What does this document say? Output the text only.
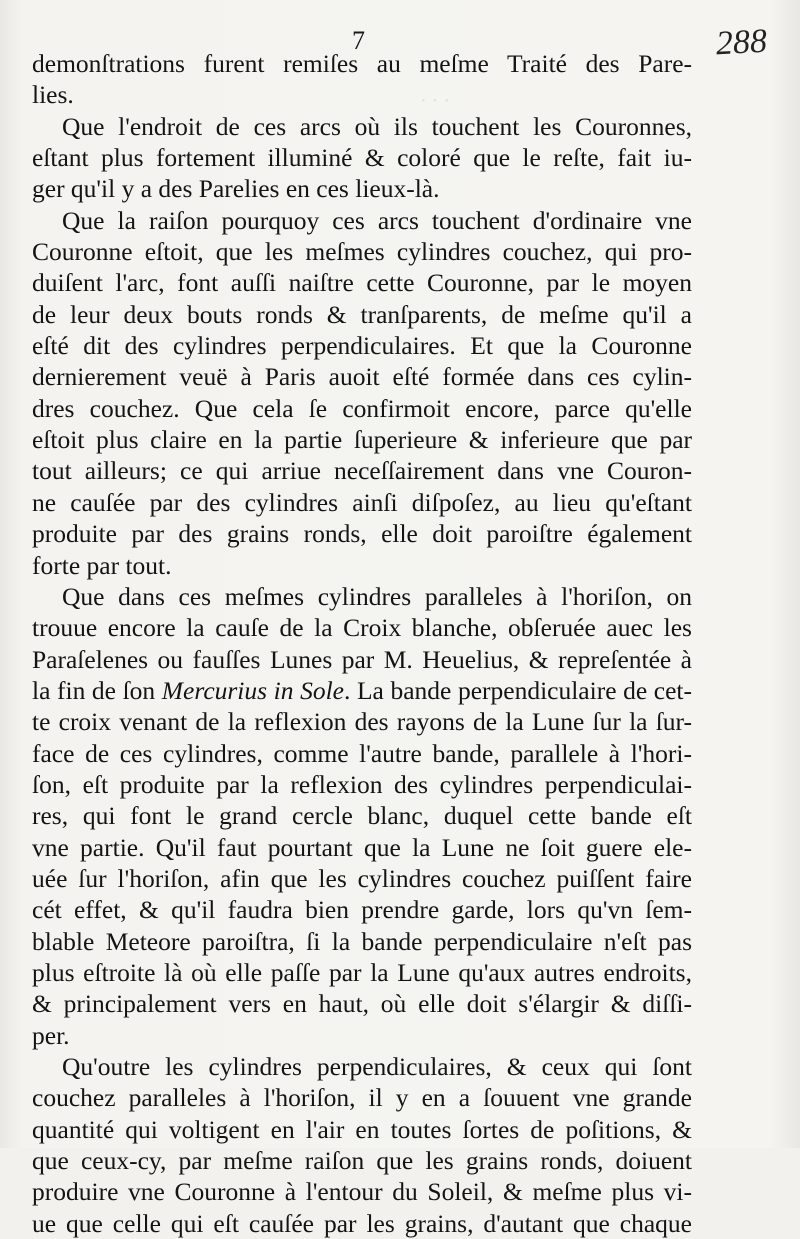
· · ·
7	288
demonſtrations furent remiſes au meſme Traité des Pare-
lies.
Que l'endroit de ces arcs où ils touchent les Couronnes,
eſtant plus fortement illuminé & coloré que le reſte, fait iu-
ger qu'il y a des Parelies en ces lieux-là.
Que la raiſon pourquoy ces arcs touchent d'ordinaire vne
Couronne eſtoit, que les meſmes cylindres couchez, qui pro-
duiſent l'arc, font auſſi naiſtre cette Couronne, par le moyen
de leur deux bouts ronds & tranſparents, de meſme qu'il a
eſté dit des cylindres perpendiculaires. Et que la Couronne
dernierement veuë à Paris auoit eſté formée dans ces cylin-
dres couchez. Que cela ſe confirmoit encore, parce qu'elle
eſtoit plus claire en la partie ſuperieure & inferieure que par
tout ailleurs; ce qui arriue neceſſairement dans vne Couron-
ne cauſée par des cylindres ainſi diſpoſez, au lieu qu'eſtant
produite par des grains ronds, elle doit paroiſtre également
forte par tout.
Que dans ces meſmes cylindres paralleles à l'horiſon, on
trouue encore la cauſe de la Croix blanche, obſeruée auec les
Paraſelenes ou fauſſes Lunes par M. Heuelius, & repreſentée à
la fin de ſon Mercurius in Sole. La bande perpendiculaire de cet-
te croix venant de la reflexion des rayons de la Lune ſur la ſur-
face de ces cylindres, comme l'autre bande, parallele à l'hori-
ſon, eſt produite par la reflexion des cylindres perpendiculai-
res, qui font le grand cercle blanc, duquel cette bande eſt
vne partie. Qu'il faut pourtant que la Lune ne ſoit guere ele-
uée ſur l'horiſon, afin que les cylindres couchez puiſſent faire
cét effet, & qu'il faudra bien prendre garde, lors qu'vn ſem-
blable Meteore paroiſtra, ſi la bande perpendiculaire n'eſt pas
plus eſtroite là où elle paſſe par la Lune qu'aux autres endroits,
& principalement vers en haut, où elle doit s'élargir & diſſi-
per.
Qu'outre les cylindres perpendiculaires, & ceux qui ſont
couchez paralleles à l'horiſon, il y en a ſouuent vne grande
quantité qui voltigent en l'air en toutes ſortes de poſitions, &
que ceux-cy, par meſme raiſon que les grains ronds, doiuent
produire vne Couronne à l'entour du Soleil, & meſme plus vi-
ue que celle qui eſt cauſée par les grains, d'autant que chaque
